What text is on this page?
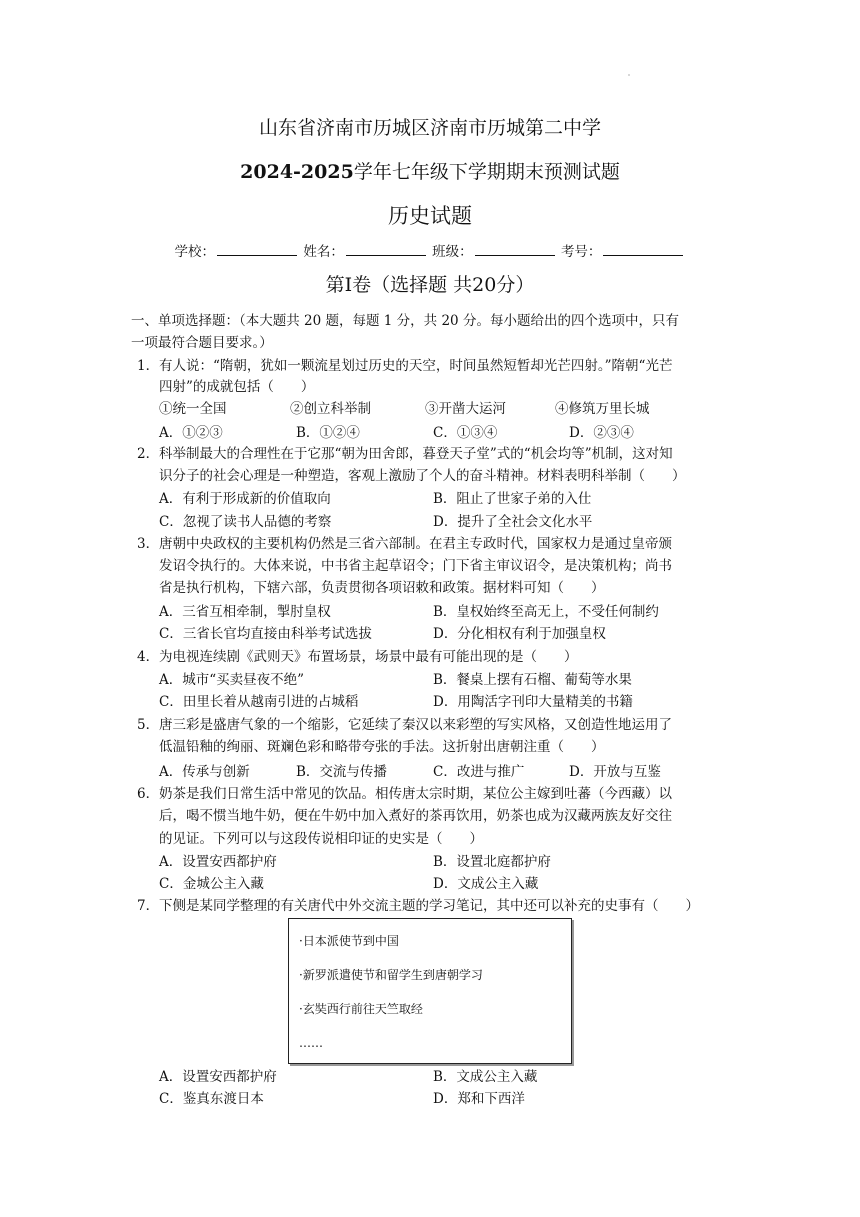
山东省济南市历城区济南市历城第二中学
2024-2025学年七年级下学期期末预测试题
历史试题
学校：	姓名：	班级：	考号：
第Ⅰ卷（选择题 共20分）
一、单项选择题：（本大题共 20 题，每题 1 分，共 20 分。每小题给出的四个选项中，只有
一项最符合题目要求。）
1． 有人说：“隋朝，犹如一颗流星划过历史的天空，时间虽然短暂却光芒四射。”隋朝“光芒
四射”的成就包括（　　）
①统一全国	②创立科举制	③开凿大运河	④修筑万里长城
A．①②③	B．①②④	C．①③④	D．②③④
2． 科举制最大的合理性在于它那“朝为田舍郎，暮登天子堂”式的“机会均等”机制，这对知
识分子的社会心理是一种塑造，客观上激励了个人的奋斗精神。材料表明科举制（　　）
A．有利于形成新的价值取向	B．阻止了世家子弟的入仕
C．忽视了读书人品德的考察	D．提升了全社会文化水平
3． 唐朝中央政权的主要机构仍然是三省六部制。在君主专政时代，国家权力是通过皇帝颁
发诏令执行的。大体来说，中书省主起草诏令；门下省主审议诏令，是决策机构；尚书
省是执行机构，下辖六部，负责贯彻各项诏敕和政策。据材料可知（　　）
A．三省互相牵制，掣肘皇权	B．皇权始终至高无上，不受任何制约
C．三省长官均直接由科举考试选拔	D．分化相权有利于加强皇权
4． 为电视连续剧《武则天》布置场景，场景中最有可能出现的是（　　）
A．城市“买卖昼夜不绝”	B．餐桌上摆有石榴、葡萄等水果
C．田里长着从越南引进的占城稻	D．用陶活字刊印大量精美的书籍
5． 唐三彩是盛唐气象的一个缩影，它延续了秦汉以来彩塑的写实风格，又创造性地运用了
低温铅釉的绚丽、斑斓色彩和略带夸张的手法。这折射出唐朝注重（　　）
A．传承与创新	B．交流与传播	C．改进与推广	D．开放与互鉴
6． 奶茶是我们日常生活中常见的饮品。相传唐太宗时期，某位公主嫁到吐蕃（今西藏）以
后，喝不惯当地牛奶，便在牛奶中加入煮好的茶再饮用，奶茶也成为汉藏两族友好交往
的见证。下列可以与这段传说相印证的史实是（　　）
A．设置安西都护府	B．设置北庭都护府
C．金城公主入藏	D．文成公主入藏
7． 下侧是某同学整理的有关唐代中外交流主题的学习笔记，其中还可以补充的史事有（　　）
·日本派使节到中国
·新罗派遣使节和留学生到唐朝学习
·玄奘西行前往天竺取经
……
A．设置安西都护府	B．文成公主入藏
C．鉴真东渡日本	D．郑和下西洋
